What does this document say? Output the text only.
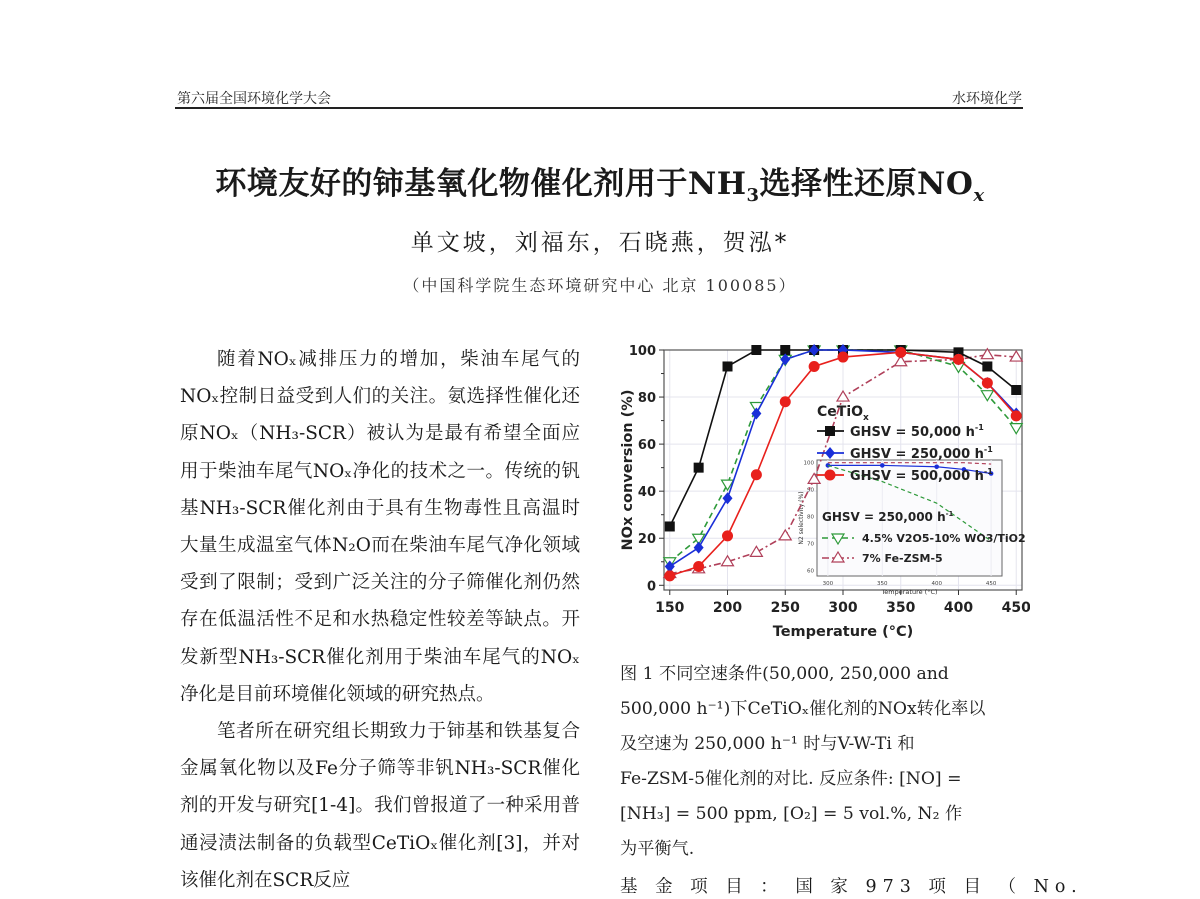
第六届全国环境化学大会	水环境化学
环境友好的铈基氧化物催化剂用于$NH_3$选择性还原$NO_x$
单文坡，刘福东，石晓燕，贺泓*
（中国科学院生态环境研究中心 北京 100085）

随着NOₓ减排压力的增加，柴油车尾气的NOₓ控制日益受到人们的关注。氨选择性催化还原NOₓ（NH₃-SCR）被认为是最有希望全面应用于柴油车尾气NOₓ净化的技术之一。传统的钒基NH₃-SCR催化剂由于具有生物毒性且高温时大量生成温室气体N₂O而在柴油车尾气净化领域受到了限制；受到广泛关注的分子筛催化剂仍然存在低温活性不足和水热稳定性较差等缺点。开发新型NH₃-SCR催化剂用于柴油车尾气的NOₓ净化是目前环境催化领域的研究热点。

笔者所在研究组长期致力于铈基和铁基复合金属氧化物以及Fe分子筛等非钒NH₃-SCR催化剂的开发与研究[1-4]。我们曾报道了一种采用普通浸渍法制备的负载型CeTiOₓ催化剂[3]，并对该催化剂在SCR反应

0
20
40
60
80
100
150 200 250 300 350 400 450
Temperature (°C)
NOx conversion (%)
300	350	400	450
60
70
80
90
100
Temperature (°C)
N2 selectivity (%)
CeTiO$_x$
GHSV = 50,000 $h^{-1}$
GHSV = 250,000 $h^{-1}$
GHSV = 500,000 $h^{-1}$
GHSV = 250,000 $h^{-1}$
4.5% V2O5-10% WO3/TiO2
7% Fe-ZSM-5

图 1 不同空速条件(50,000, 250,000 and

500,000 h⁻¹)下CeTiOₓ催化剂的NOx转化率以

及空速为 250,000 h⁻¹ 时与V-W-Ti 和

Fe-ZSM-5催化剂的对比. 反应条件: [NO] =

[NH₃] = 500 ppm, [O₂] = 5 vol.%, N₂ 作

为平衡气.

基 金 项 目 ： 国 家 973 项 目 （ No.
